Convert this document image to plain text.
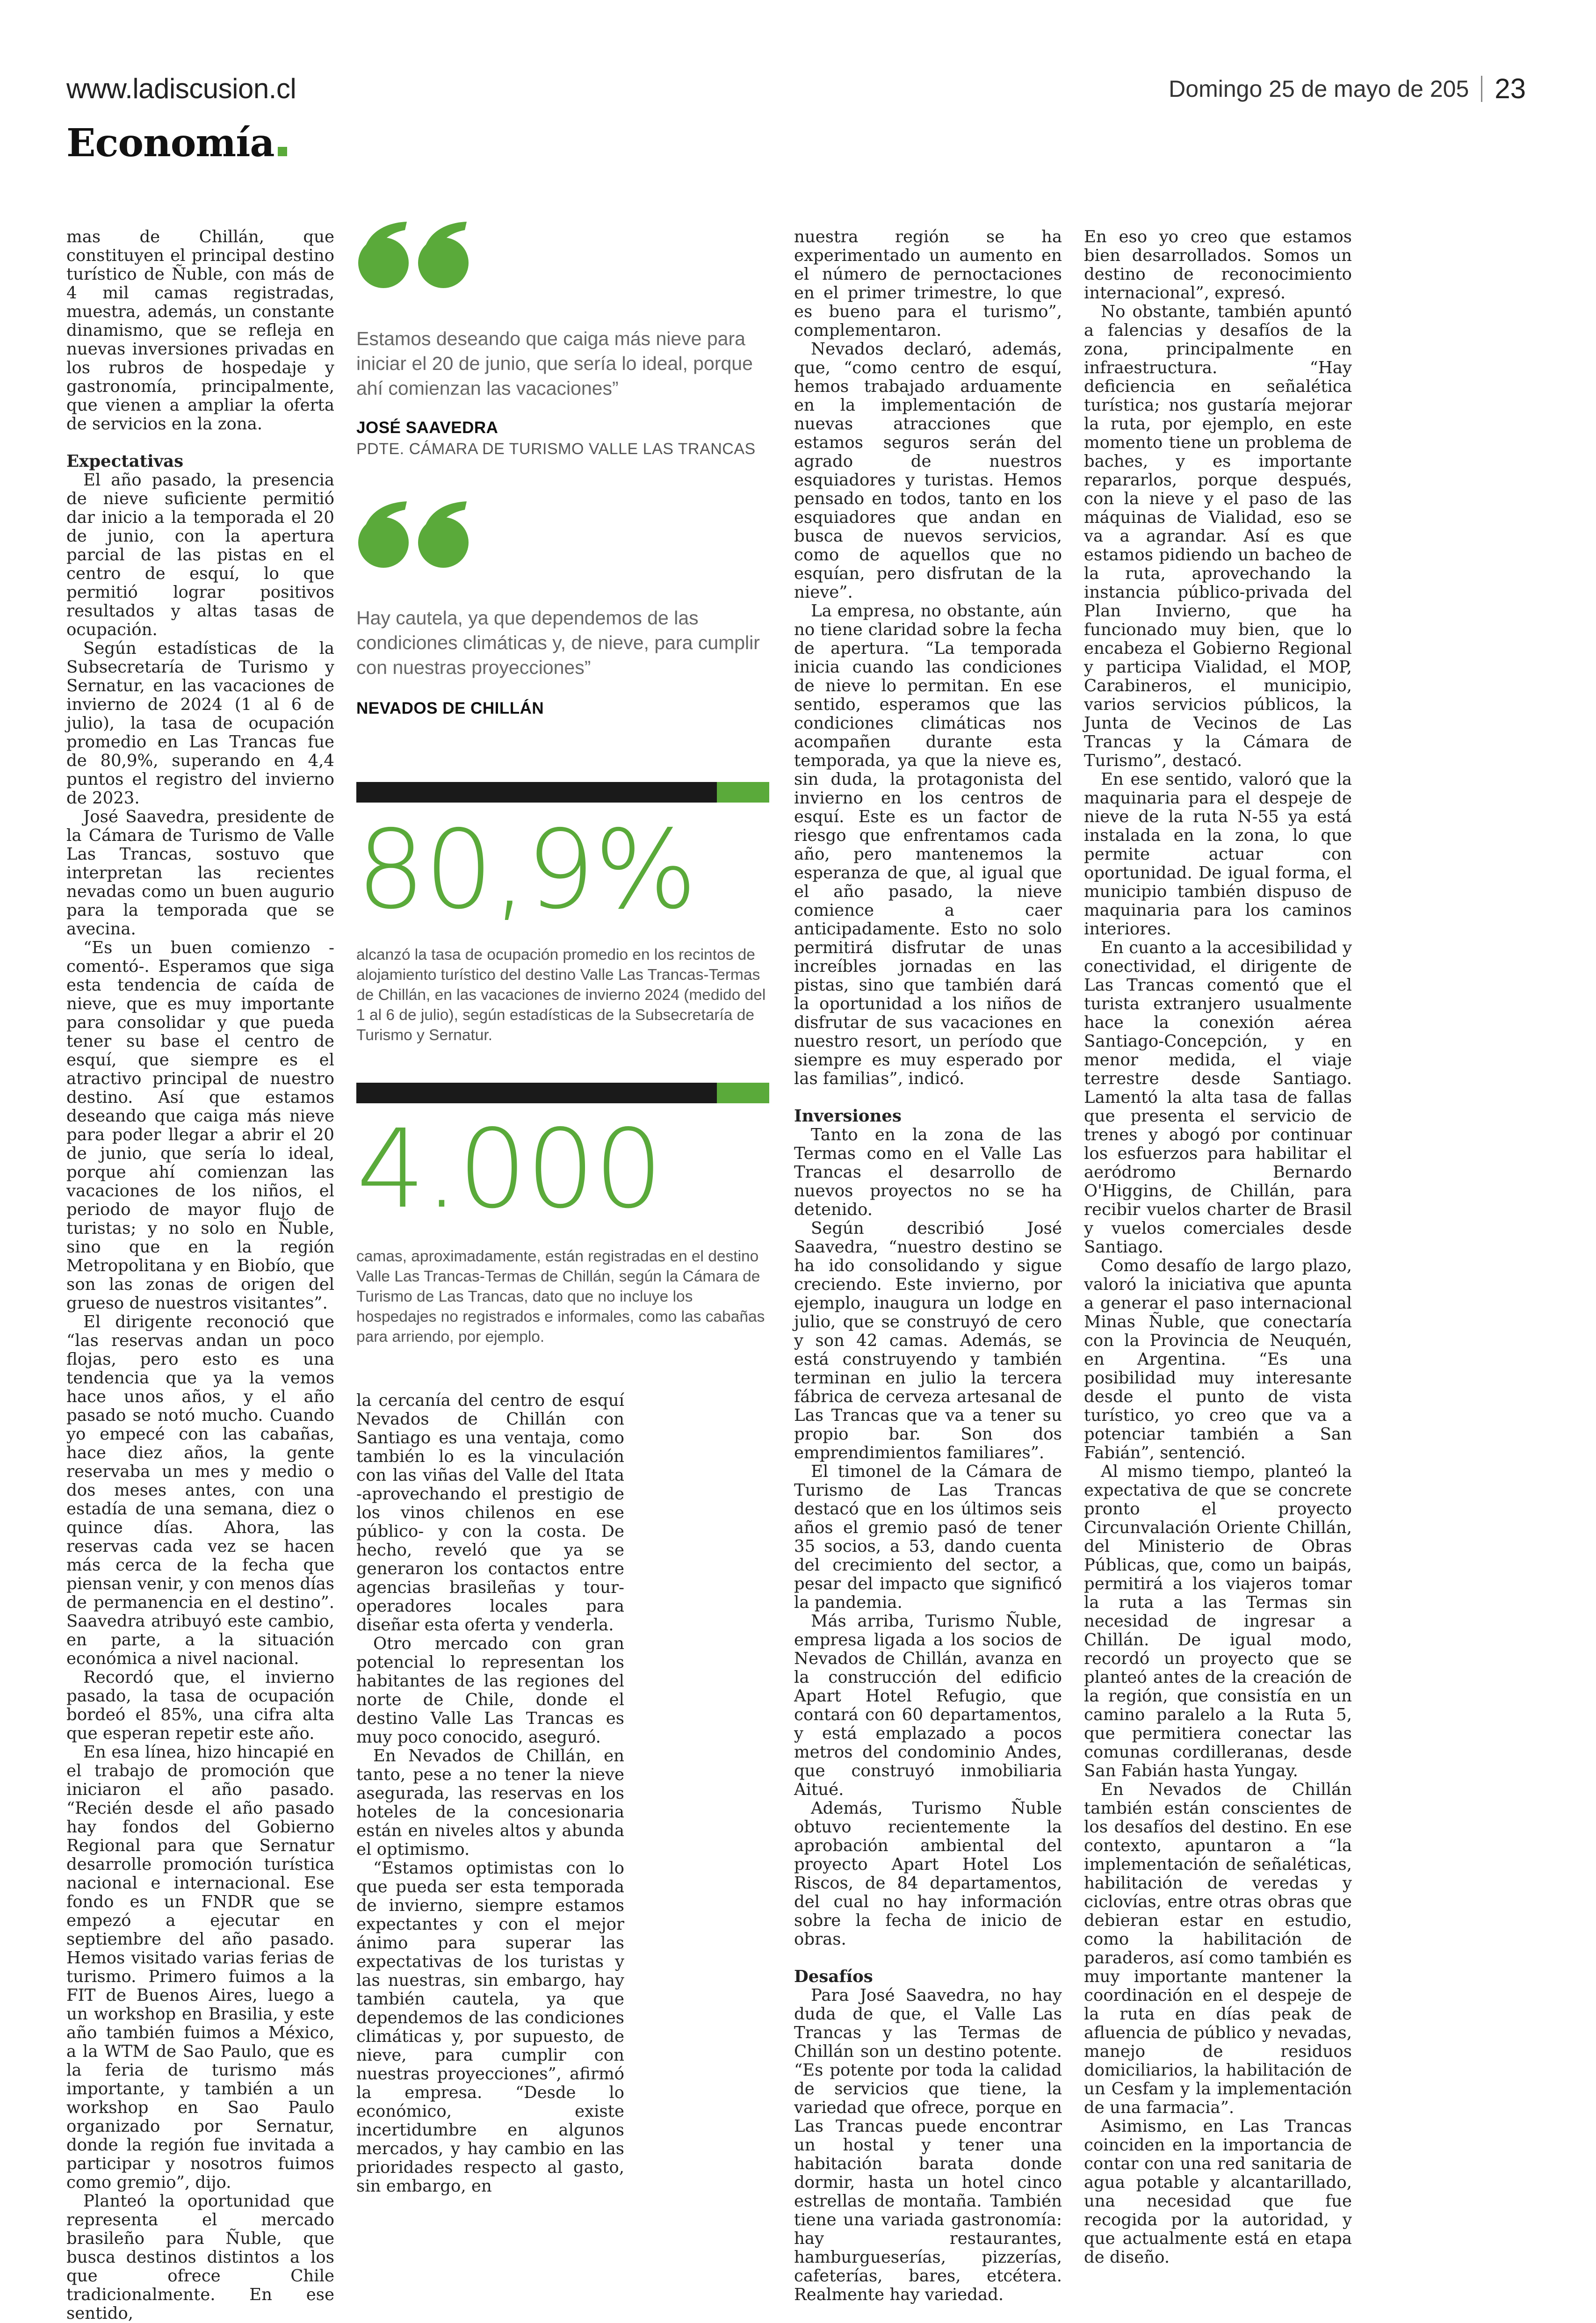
www.ladiscusion.cl	Domingo 25 de mayo de 205 23
Economía

mas de Chillán, que constituyen el principal destino turístico de Ñuble, con más de 4 mil camas registradas, muestra, además, un constante dinamismo, que se refleja en nuevas inversiones privadas en los rubros de hospedaje y gastronomía, principalmente, que vienen a ampliar la oferta de servicios en la zona.

Expectativas

El año pasado, la presencia de nieve suficiente permitió dar inicio a la temporada el 20 de junio, con la apertura parcial de las pistas en el centro de esquí, lo que permitió lograr positivos resultados y altas tasas de ocupación.

Según estadísticas de la Subsecretaría de Turismo y Sernatur, en las vacaciones de invierno de 2024 (1 al 6 de julio), la tasa de ocupación promedio en Las Trancas fue de 80,9%, superando en 4,4 puntos el registro del invierno de 2023.

José Saavedra, presidente de la Cámara de Turismo de Valle Las Trancas, sostuvo que interpretan las recientes nevadas como un buen augurio para la temporada que se avecina.

“Es un buen comienzo -comentó-. Esperamos que siga esta tendencia de caída de nieve, que es muy importante para consolidar y que pueda tener su base el centro de esquí, que siempre es el atractivo principal de nuestro destino. Así que estamos deseando que caiga más nieve para poder llegar a abrir el 20 de junio, que sería lo ideal, porque ahí comienzan las vacaciones de los niños, el periodo de mayor flujo de turistas; y no solo en Ñuble, sino que en la región Metropolitana y en Biobío, que son las zonas de origen del grueso de nuestros visitantes”.

El dirigente reconoció que “las reservas andan un poco flojas, pero esto es una tendencia que ya la vemos hace unos años, y el año pasado se notó mucho. Cuando yo empecé con las cabañas, hace diez años, la gente reservaba un mes y medio o dos meses antes, con una estadía de una semana, diez o quince días. Ahora, las reservas cada vez se hacen más cerca de la fecha que piensan venir, y con menos días de permanencia en el destino”. Saavedra atribuyó este cambio, en parte, a la situación económica a nivel nacional.

Recordó que, el invierno pasado, la tasa de ocupación bordeó el 85%, una cifra alta que esperan repetir este año.

En esa línea, hizo hincapié en el trabajo de promoción que iniciaron el año pasado. “Recién desde el año pasado hay fondos del Gobierno Regional para que Sernatur desarrolle promoción turística nacional e internacional. Ese fondo es un FNDR que se empezó a ejecutar en septiembre del año pasado. Hemos visitado varias ferias de turismo. Primero fuimos a la FIT de Buenos Aires, luego a un workshop en Brasilia, y este año también fuimos a México, a la WTM de Sao Paulo, que es la feria de turismo más importante, y también a un workshop en Sao Paulo organizado por Sernatur, donde la región fue invitada a participar y nosotros fuimos como gremio”, dijo.

Planteó la oportunidad que representa el mercado brasileño para Ñuble, que busca destinos distintos a los que ofrece Chile tradicionalmente. En ese sentido,

Estamos deseando que caiga más nieve para iniciar el 20 de junio, que sería lo ideal, porque ahí comienzan las vacaciones”
JOSÉ SAAVEDRA
PDTE. CÁMARA DE TURISMO VALLE LAS TRANCAS
Hay cautela, ya que dependemos de las condiciones climáticas y, de nieve, para cumplir con nuestras proyecciones”
NEVADOS DE CHILLÁN
80,9%
alcanzó la tasa de ocupación promedio en los recintos de alojamiento turístico del destino Valle Las Trancas-Termas de Chillán, en las vacaciones de invierno 2024 (medido del 1 al 6 de julio), según estadísticas de la Subsecretaría de Turismo y Sernatur.
4.000
camas, aproximadamente, están registradas en el destino Valle Las Trancas-Termas de Chillán, según la Cámara de Turismo de Las Trancas, dato que no incluye los hospedajes no registrados e informales, como las cabañas para arriendo, por ejemplo.

la cercanía del centro de esquí Nevados de Chillán con Santiago es una ventaja, como también lo es la vinculación con las viñas del Valle del Itata -aprovechando el prestigio de los vinos chilenos en ese público- y con la costa. De hecho, reveló que ya se generaron los contactos entre agencias brasileñas y tour-operadores locales para diseñar esta oferta y venderla.

Otro mercado con gran potencial lo representan los habitantes de las regiones del norte de Chile, donde el destino Valle Las Trancas es muy poco conocido, aseguró.

En Nevados de Chillán, en tanto, pese a no tener la nieve asegurada, las reservas en los hoteles de la concesionaria están en niveles altos y abunda el optimismo.

“Estamos optimistas con lo que pueda ser esta temporada de invierno, siempre estamos expectantes y con el mejor ánimo para superar las expectativas de los turistas y las nuestras, sin embargo, hay también cautela, ya que dependemos de las condiciones climáticas y, por supuesto, de nieve, para cumplir con nuestras proyecciones”, afirmó la empresa. “Desde lo económico, existe incertidumbre en algunos mercados, y hay cambio en las prioridades respecto al gasto, sin embargo, en

nuestra región se ha experimentado un aumento en el número de pernoctaciones en el primer trimestre, lo que es bueno para el turismo”, complementaron.

Nevados declaró, además, que, “como centro de esquí, hemos trabajado arduamente en la implementación de nuevas atracciones que estamos seguros serán del agrado de nuestros esquiadores y turistas. Hemos pensado en todos, tanto en los esquiadores que andan en busca de nuevos servicios, como de aquellos que no esquían, pero disfrutan de la nieve”.

La empresa, no obstante, aún no tiene claridad sobre la fecha de apertura. “La temporada inicia cuando las condiciones de nieve lo permitan. En ese sentido, esperamos que las condiciones climáticas nos acompañen durante esta temporada, ya que la nieve es, sin duda, la protagonista del invierno en los centros de esquí. Este es un factor de riesgo que enfrentamos cada año, pero mantenemos la esperanza de que, al igual que el año pasado, la nieve comience a caer anticipadamente. Esto no solo permitirá disfrutar de unas increíbles jornadas en las pistas, sino que también dará la oportunidad a los niños de disfrutar de sus vacaciones en nuestro resort, un período que siempre es muy esperado por las familias”, indicó.

Inversiones

Tanto en la zona de las Termas como en el Valle Las Trancas el desarrollo de nuevos proyectos no se ha detenido.

Según describió José Saavedra, “nuestro destino se ha ido consolidando y sigue creciendo. Este invierno, por ejemplo, inaugura un lodge en julio, que se construyó de cero y son 42 camas. Además, se está construyendo y también terminan en julio la tercera fábrica de cerveza artesanal de Las Trancas que va a tener su propio bar. Son dos emprendimientos familiares”.

El timonel de la Cámara de Turismo de Las Trancas destacó que en los últimos seis años el gremio pasó de tener 35 socios, a 53, dando cuenta del crecimiento del sector, a pesar del impacto que significó la pandemia.

Más arriba, Turismo Ñuble, empresa ligada a los socios de Nevados de Chillán, avanza en la construcción del edificio Apart Hotel Refugio, que contará con 60 departamentos, y está emplazado a pocos metros del condominio Andes, que construyó inmobiliaria Aitué.

Además, Turismo Ñuble obtuvo recientemente la aprobación ambiental del proyecto Apart Hotel Los Riscos, de 84 departamentos, del cual no hay información sobre la fecha de inicio de obras.

Desafíos

Para José Saavedra, no hay duda de que, el Valle Las Trancas y las Termas de Chillán son un destino potente. “Es potente por toda la calidad de servicios que tiene, la variedad que ofrece, porque en Las Trancas puede encontrar un hostal y tener una habitación barata donde dormir, hasta un hotel cinco estrellas de montaña. También tiene una variada gastronomía: hay restaurantes, hamburgueserías, pizzerías, cafeterías, bares, etcétera. Realmente hay variedad.

En eso yo creo que estamos bien desarrollados. Somos un destino de reconocimiento internacional”, expresó.

No obstante, también apuntó a falencias y desafíos de la zona, principalmente en infraestructura. “Hay deficiencia en señalética turística; nos gustaría mejorar la ruta, por ejemplo, en este momento tiene un problema de baches, y es importante repararlos, porque después, con la nieve y el paso de las máquinas de Vialidad, eso se va a agrandar. Así es que estamos pidiendo un bacheo de la ruta, aprovechando la instancia público-privada del Plan Invierno, que ha funcionado muy bien, que lo encabeza el Gobierno Regional y participa Vialidad, el MOP, Carabineros, el municipio, varios servicios públicos, la Junta de Vecinos de Las Trancas y la Cámara de Turismo”, destacó.

En ese sentido, valoró que la maquinaria para el despeje de nieve de la ruta N-55 ya está instalada en la zona, lo que permite actuar con oportunidad. De igual forma, el municipio también dispuso de maquinaria para los caminos interiores.

En cuanto a la accesibilidad y conectividad, el dirigente de Las Trancas comentó que el turista extranjero usualmente hace la conexión aérea Santiago-Concepción, y en menor medida, el viaje terrestre desde Santiago. Lamentó la alta tasa de fallas que presenta el servicio de trenes y abogó por continuar los esfuerzos para habilitar el aeródromo Bernardo O'Higgins, de Chillán, para recibir vuelos charter de Brasil y vuelos comerciales desde Santiago.

Como desafío de largo plazo, valoró la iniciativa que apunta a generar el paso internacional Minas Ñuble, que conectaría con la Provincia de Neuquén, en Argentina. “Es una posibilidad muy interesante desde el punto de vista turístico, yo creo que va a potenciar también a San Fabián”, sentenció.

Al mismo tiempo, planteó la expectativa de que se concrete pronto el proyecto Circunvalación Oriente Chillán, del Ministerio de Obras Públicas, que, como un baipás, permitirá a los viajeros tomar la ruta a las Termas sin necesidad de ingresar a Chillán. De igual modo, recordó un proyecto que se planteó antes de la creación de la región, que consistía en un camino paralelo a la Ruta 5, que permitiera conectar las comunas cordilleranas, desde San Fabián hasta Yungay.

En Nevados de Chillán también están conscientes de los desafíos del destino. En ese contexto, apuntaron a “la implementación de señaléticas, habilitación de veredas y ciclovías, entre otras obras que debieran estar en estudio, como la habilitación de paraderos, así como también es muy importante mantener la coordinación en el despeje de la ruta en días peak de afluencia de público y nevadas, manejo de residuos domiciliarios, la habilitación de un Cesfam y la implementación de una farmacia”.

Asimismo, en Las Trancas coinciden en la importancia de contar con una red sanitaria de agua potable y alcantarillado, una necesidad que fue recogida por la autoridad, y que actualmente está en etapa de diseño.
